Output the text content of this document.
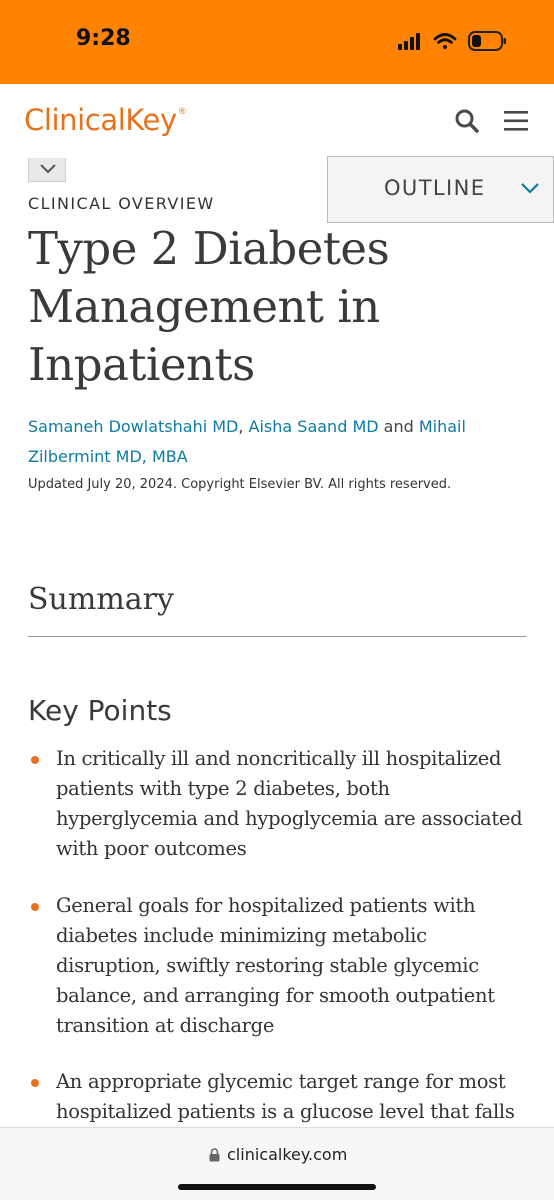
9:28
ClinicalKey®
OUTLINE
CLINICAL OVERVIEW
Type 2 Diabetes Management in Inpatients
Samaneh Dowlatshahi MD, Aisha Saand MD and Mihail Zilbermint MD, MBA
Updated July 20, 2024. Copyright Elsevier BV. All rights reserved.
Summary
Key Points
In critically ill and noncritically ill hospitalized patients with type 2 diabetes, both hyperglycemia and hypoglycemia are associated with poor outcomes
General goals for hospitalized patients with diabetes include minimizing metabolic disruption, swiftly restoring stable glycemic balance, and arranging for smooth outpatient transition at discharge
An appropriate glycemic target range for most hospitalized patients is a glucose level that falls
clinicalkey.com
